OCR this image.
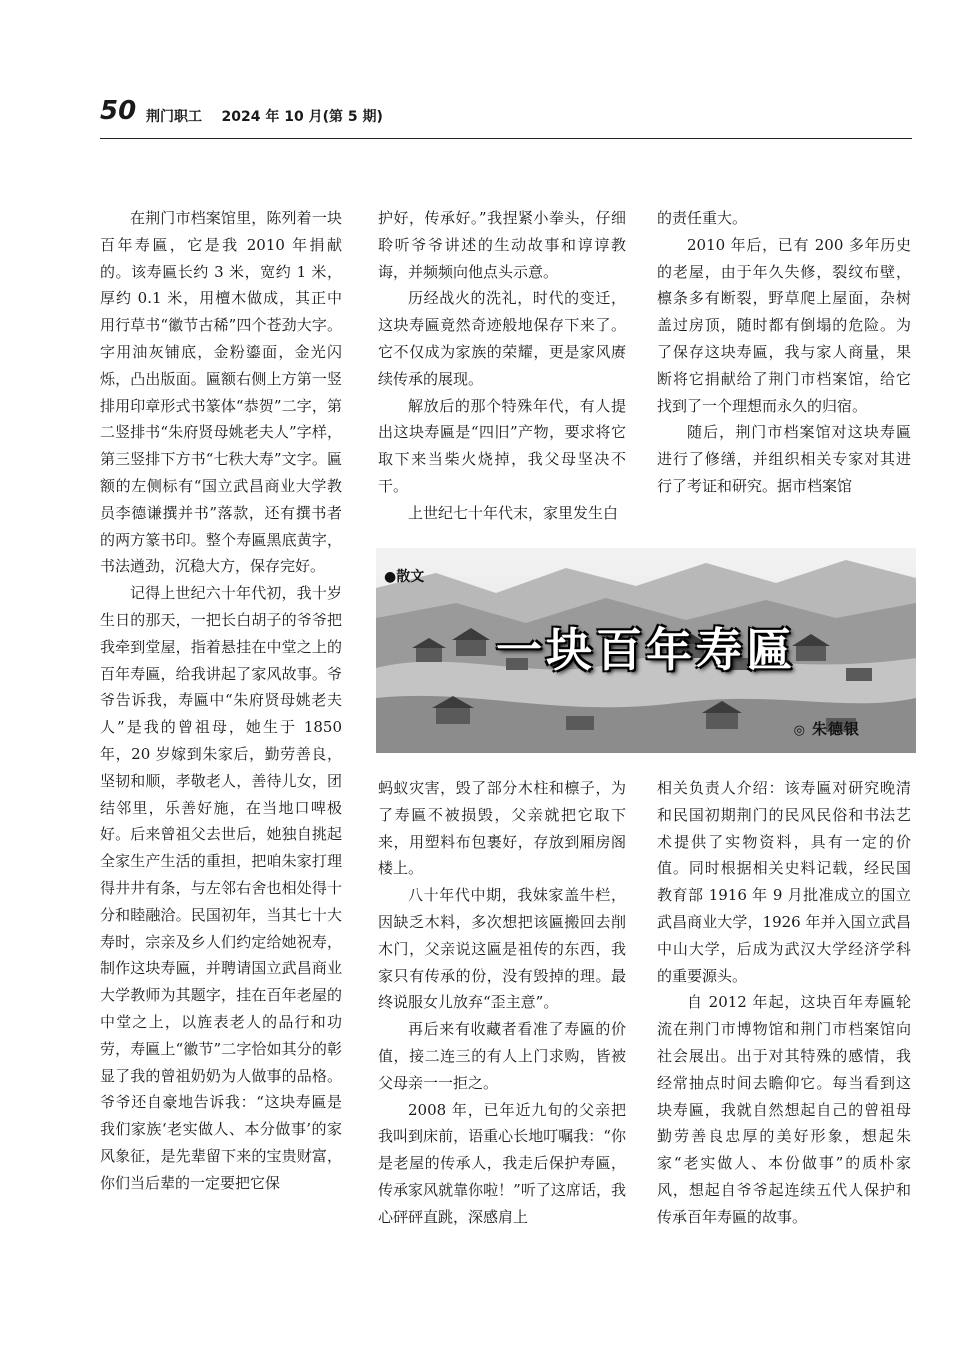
50 荆门职工 2024 年 10 月(第 5 期)

在荆门市档案馆里，陈列着一块百年寿匾，它是我 2010 年捐献的。该寿匾长约 3 米，宽约 1 米，厚约 0.1 米，用檀木做成，其正中用行草书“徽节古稀”四个苍劲大字。字用油灰铺底，金粉鎏面，金光闪烁，凸出版面。匾额右侧上方第一竖排用印章形式书篆体“恭贺”二字，第二竖排书“朱府贤母姚老夫人”字样，第三竖排下方书“七秩大寿”文字。匾额的左侧标有“国立武昌商业大学教员李德谦撰并书”落款，还有撰书者的两方篆书印。整个寿匾黑底黄字，书法遒劲，沉稳大方，保存完好。

记得上世纪六十年代初，我十岁生日的那天，一把长白胡子的爷爷把我牵到堂屋，指着悬挂在中堂之上的百年寿匾，给我讲起了家风故事。爷爷告诉我，寿匾中“朱府贤母姚老夫人”是我的曾祖母，她生于 1850 年，20 岁嫁到朱家后，勤劳善良，坚韧和顺，孝敬老人，善待儿女，团结邻里，乐善好施，在当地口啤极好。后来曾祖父去世后，她独自挑起全家生产生活的重担，把咱朱家打理得井井有条，与左邻右舍也相处得十分和睦融洽。民国初年，当其七十大寿时，宗亲及乡人们约定给她祝寿，制作这块寿匾，并聘请国立武昌商业大学教师为其题字，挂在百年老屋的中堂之上，以旌表老人的品行和功劳，寿匾上“徽节”二字恰如其分的彰显了我的曾祖奶奶为人做事的品格。爷爷还自豪地告诉我：“这块寿匾是我们家族‘老实做人、本分做事’的家风象征，是先辈留下来的宝贵财富，你们当后辈的一定要把它保

护好，传承好。”我捏紧小拳头，仔细聆听爷爷讲述的生动故事和谆谆教诲，并频频向他点头示意。

历经战火的洗礼，时代的变迁，这块寿匾竟然奇迹般地保存下来了。它不仅成为家族的荣耀，更是家风赓续传承的展现。

解放后的那个特殊年代，有人提出这块寿匾是“四旧”产物，要求将它取下来当柴火烧掉，我父母坚决不干。

上世纪七十年代末，家里发生白

的责任重大。

2010 年后，已有 200 多年历史的老屋，由于年久失修，裂纹布壁，檩条多有断裂，野草爬上屋面，杂树盖过房顶，随时都有倒塌的危险。为了保存这块寿匾，我与家人商量，果断将它捐献给了荆门市档案馆，给它找到了一个理想而永久的归宿。

随后，荆门市档案馆对这块寿匾进行了修缮，并组织相关专家对其进行了考证和研究。据市档案馆

●散文
一块百年寿匾
◎ 朱德银

蚂蚁灾害，毁了部分木柱和檩子，为了寿匾不被损毁，父亲就把它取下来，用塑料布包裹好，存放到厢房阁楼上。

八十年代中期，我妹家盖牛栏，因缺乏木料，多次想把该匾搬回去削木门，父亲说这匾是祖传的东西，我家只有传承的份，没有毁掉的理。最终说服女儿放弃“歪主意”。

再后来有收藏者看准了寿匾的价值，接二连三的有人上门求购，皆被父母亲一一拒之。

2008 年，已年近九旬的父亲把我叫到床前，语重心长地叮嘱我：“你是老屋的传承人，我走后保护寿匾，传承家风就靠你啦！”听了这席话，我心砰砰直跳，深感肩上

相关负责人介绍：该寿匾对研究晚清和民国初期荆门的民风民俗和书法艺术提供了实物资料，具有一定的价值。同时根据相关史料记载，经民国教育部 1916 年 9 月批准成立的国立武昌商业大学，1926 年并入国立武昌中山大学，后成为武汉大学经济学科的重要源头。

自 2012 年起，这块百年寿匾轮流在荆门市博物馆和荆门市档案馆向社会展出。出于对其特殊的感情，我经常抽点时间去瞻仰它。每当看到这块寿匾，我就自然想起自己的曾祖母勤劳善良忠厚的美好形象，想起朱家“老实做人、本份做事”的质朴家风，想起自爷爷起连续五代人保护和传承百年寿匾的故事。
